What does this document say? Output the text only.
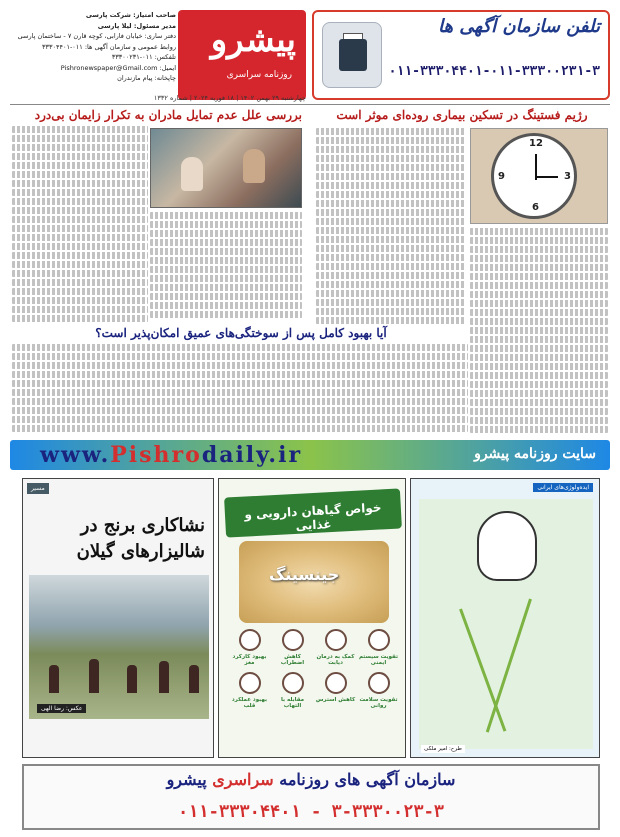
تلفن سازمان آگهی ها
۰۱۱-۳۳۳۰۴۴۰۱-۰۱۱-۳۳۳۰۰۲۳۱-۳
پیشرو
روزنامه سراسری
صاحب امتیاز: شرکت پارسی
مدیر مسئول: لیلا پارسی
دفتر ساری: خیابان فارابی، کوچه قارن ۷ - ساختمان پارسی
روابط عمومی و سازمان آگهی ها: ۰۱۱-۳۳۳۰۴۴۰۱
تلفکس: ۰۱۱-۳۳۳۰۰۲۳۱
ایمیل: Pishronewspaper@Gmail.com
چاپخانه: پیام مازندران
چهارشنبه ۲۹ بهمن ۱۴۰۲ | ۱۸ فوریه ۲۰۲۴ | شماره ۱۳۳۲
بررسی علل عدم تمایل مادران به تکرار زایمان بی‌درد	رژیم فستینگ در تسکین بیماری روده‌ای موثر است
12
3
6
9
آیا بهبود کامل پس از سوختگی‌های عمیق امکان‌پذیر است؟
www.Pishrodaily.ir	سایت روزنامه پیشرو
ایده‌ولوژی‌های ایرانی
طرح: امیر ملکی
خواص گیاهان دارویی و غذایی
جینسینگ
تقویت سیستم ایمنی
کمک به درمان دیابت
کاهش اضطراب
بهبود کارکرد مغز
تقویت سلامت روانی
کاهش استرس
مقابله با التهاب
بهبود عملکرد قلب
مسیر
نشاکاری برنج در شالیزارهای گیلان
عکس: رضا الهی
سازمان آگهی های روزنامه سراسری پیشرو
۰۱۱-۳۳۳۰۴۴۰۱ - ۳-۳۳۳۰۰۲۳-۳
